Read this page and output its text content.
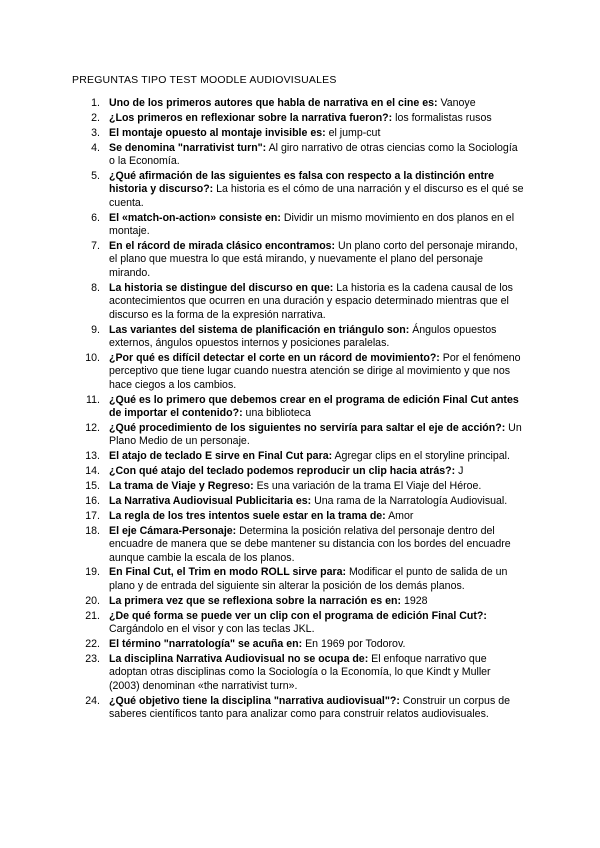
PREGUNTAS TIPO TEST MOODLE AUDIOVISUALES
1. Uno de los primeros autores que habla de narrativa en el cine es: Vanoye
2. ¿Los primeros en reflexionar sobre la narrativa fueron?: los formalistas rusos
3. El montaje opuesto al montaje invisible es: el jump-cut
4. Se denomina "narrativist turn": Al giro narrativo de otras ciencias como la Sociología o la Economía.
5. ¿Qué afirmación de las siguientes es falsa con respecto a la distinción entre historia y discurso?: La historia es el cómo de una narración y el discurso es el qué se cuenta.
6. El «match-on-action» consiste en: Dividir un mismo movimiento en dos planos en el montaje.
7. En el rácord de mirada clásico encontramos: Un plano corto del personaje mirando, el plano que muestra lo que está mirando, y nuevamente el plano del personaje mirando.
8. La historia se distingue del discurso en que: La historia es la cadena causal de los acontecimientos que ocurren en una duración y espacio determinado mientras que el discurso es la forma de la expresión narrativa.
9. Las variantes del sistema de planificación en triángulo son: Ángulos opuestos externos, ángulos opuestos internos y posiciones paralelas.
10. ¿Por qué es difícil detectar el corte en un rácord de movimiento?: Por el fenómeno perceptivo que tiene lugar cuando nuestra atención se dirige al movimiento y que nos hace ciegos a los cambios.
11. ¿Qué es lo primero que debemos crear en el programa de edición Final Cut antes de importar el contenido?: una biblioteca
12. ¿Qué procedimiento de los siguientes no serviría para saltar el eje de acción?: Un Plano Medio de un personaje.
13. El atajo de teclado E sirve en Final Cut para: Agregar clips en el storyline principal.
14. ¿Con qué atajo del teclado podemos reproducir un clip hacia atrás?: J
15. La trama de Viaje y Regreso: Es una variación de la trama El Viaje del Héroe.
16. La Narrativa Audiovisual Publicitaria es: Una rama de la Narratología Audiovisual.
17. La regla de los tres intentos suele estar en la trama de: Amor
18. El eje Cámara-Personaje: Determina la posición relativa del personaje dentro del encuadre de manera que se debe mantener su distancia con los bordes del encuadre aunque cambie la escala de los planos.
19. En Final Cut, el Trim en modo ROLL sirve para: Modificar el punto de salida de un plano y de entrada del siguiente sin alterar la posición de los demás planos.
20. La primera vez que se reflexiona sobre la narración es en: 1928
21. ¿De qué forma se puede ver un clip con el programa de edición Final Cut?: Cargándolo en el visor y con las teclas JKL.
22. El término "narratología" se acuña en: En 1969 por Todorov.
23. La disciplina Narrativa Audiovisual no se ocupa de: El enfoque narrativo que adoptan otras disciplinas como la Sociología o la Economía, lo que Kindt y Muller (2003) denominan «the narrativist turn».
24. ¿Qué objetivo tiene la disciplina "narrativa audiovisual"?: Construir un corpus de saberes científicos tanto para analizar como para construir relatos audiovisuales.
